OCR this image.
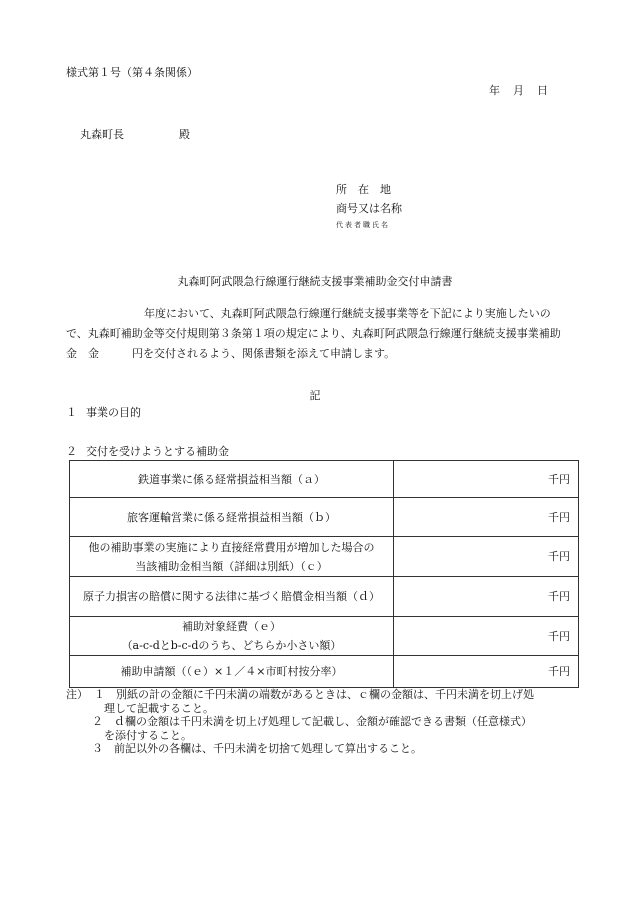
様式第１号（第４条関係）
年 月 日
丸森町長	殿
所　在　地
商号又は名称
代表者職氏名
丸森町阿武隈急行線運行継続支援事業補助金交付申請書
年度において、丸森町阿武隈急行線運行継続支援事業等を下記により実施したいので、丸森町補助金等交付規則第３条第１項の規定により、丸森町阿武隈急行線運行継続支援事業補助金　金　　　円を交付されるよう、関係書類を添えて申請します。
記
１ 事業の目的
２ 交付を受けようとする補助金
鉄道事業に係る経常損益相当額（ａ）	千円

旅客運輸営業に係る経常損益相当額（ｂ）	千円

他の補助事業の実施により直接経常費用が増加した場合の
当該補助金相当額（詳細は別紙）（ｃ）	千円

原子力損害の賠償に関する法律に基づく賠償金相当額（ｄ）	千円

補助対象経費（ｅ）
（a-c-dとb-c-dのうち、どちらか小さい額）	千円

補助申請額（（ｅ）×１／４×市町村按分率）	千円
注） １　 別紙の計の金額に千円未満の端数があるときは、ｃ欄の金額は、千円未満を切上げ処
理して記載すること。
２　 ｄ欄の金額は千円未満を切上げ処理して記載し、金額が確認できる書類（任意様式）
を添付すること。
３　 前記以外の各欄は、千円未満を切捨て処理して算出すること。
